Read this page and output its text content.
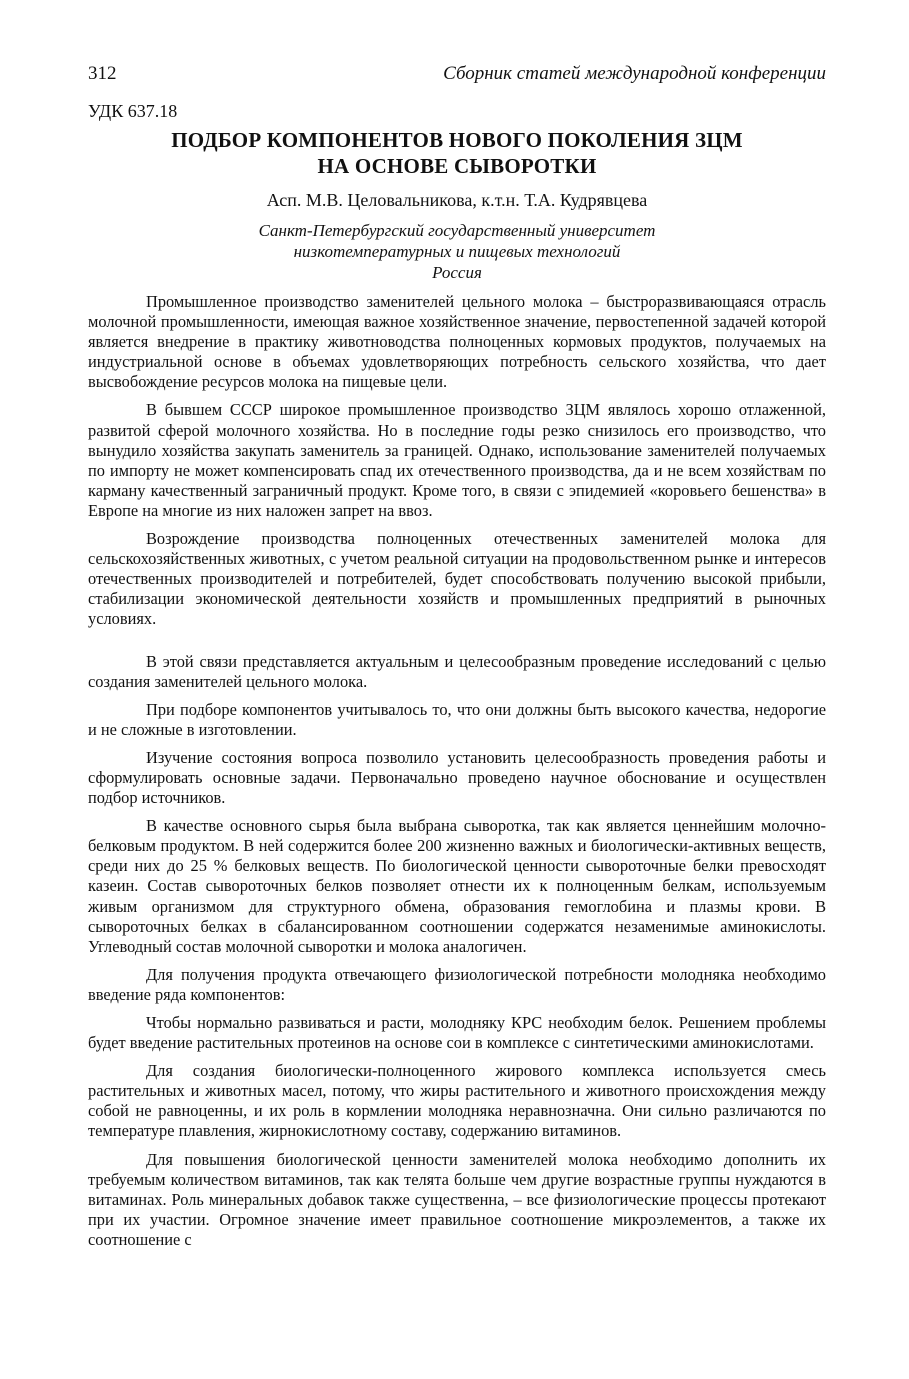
312	Сборник статей международной конференции
УДК 637.18
ПОДБОР КОМПОНЕНТОВ НОВОГО ПОКОЛЕНИЯ ЗЦМ
НА ОСНОВЕ СЫВОРОТКИ
Асп. М.В. Целовальникова, к.т.н. Т.А. Кудрявцева
Санкт-Петербургский государственный университет
низкотемпературных и пищевых технологий
Россия

Промышленное производство заменителей цельного молока – быстроразвивающаяся отрасль молочной промышленности, имеющая важное хозяйственное значение, первостепенной задачей которой является внедрение в практику животноводства полноценных кормовых продуктов, получаемых на индустриальной основе в объемах удовлетворяющих потребность сельского хозяйства, что дает высвобождение ресурсов молока на пищевые цели.

В бывшем СССР широкое промышленное производство ЗЦМ являлось хорошо отлаженной, развитой сферой молочного хозяйства. Но в последние годы резко снизилось его производство, что вынудило хозяйства закупать заменитель за границей. Однако, использование заменителей получаемых по импорту не может компенсировать спад их отечественного производства, да и не всем хозяйствам по карману качественный заграничный продукт. Кроме того, в связи с эпидемией «коровьего бешенства» в Европе на многие из них наложен запрет на ввоз.

Возрождение производства полноценных отечественных заменителей молока для сельскохозяйственных животных, с учетом реальной ситуации на продовольственном рынке и интересов отечественных производителей и потребителей, будет способствовать получению высокой прибыли, стабилизации экономической деятельности хозяйств и промышленных предприятий в рыночных условиях.

В этой связи представляется актуальным и целесообразным проведение исследований с целью создания заменителей цельного молока.

При подборе компонентов учитывалось то, что они должны быть высокого качества, недорогие и не сложные в изготовлении.

Изучение состояния вопроса позволило установить целесообразность проведения работы и сформулировать основные задачи. Первоначально проведено научное обоснование и осуществлен подбор источников.

В качестве основного сырья была выбрана сыворотка, так как является ценнейшим молочно-белковым продуктом. В ней содержится более 200 жизненно важных и биологически-активных веществ, среди них до 25 % белковых веществ. По биологической ценности сывороточные белки превосходят казеин. Состав сывороточных белков позволяет отнести их к полноценным белкам, используемым живым организмом для структурного обмена, образования гемоглобина и плазмы крови. В сывороточных белках в сбалансированном соотношении содержатся незаменимые аминокислоты. Углеводный состав молочной сыворотки и молока аналогичен.

Для получения продукта отвечающего физиологической потребности молодняка необходимо введение ряда компонентов:

Чтобы нормально развиваться и расти, молодняку КРС необходим белок. Решением проблемы будет введение растительных протеинов на основе сои в комплексе с синтетическими аминокислотами.

Для создания биологически-полноценного жирового комплекса используется смесь растительных и животных масел, потому, что жиры растительного и животного происхождения между собой не равноценны, и их роль в кормлении молодняка неравнозначна. Они сильно различаются по температуре плавления, жирнокислотному составу, содержанию витаминов.

Для повышения биологической ценности заменителей молока необходимо дополнить их требуемым количеством витаминов, так как телята больше чем другие возрастные группы нуждаются в витаминах. Роль минеральных добавок также существенна, – все физиологические процессы протекают при их участии. Огромное значение имеет правильное соотношение микроэлементов, а также их соотношение с
